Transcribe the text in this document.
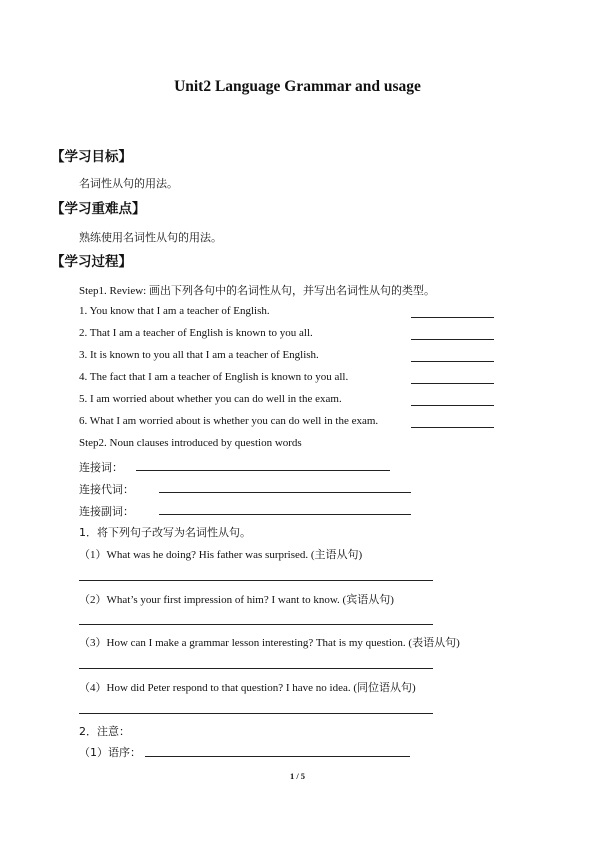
Unit2 Language Grammar and usage
【学习目标】
名词性从句的用法。
【学习重难点】
熟练使用名词性从句的用法。
【学习过程】
Step1. Review: 画出下列各句中的名词性从句，并写出名词性从句的类型。
1. You know that I am a teacher of English.
2. That I am a teacher of English is known to you all.
3. It is known to you all that I am a teacher of English.
4. The fact that I am a teacher of English is known to you all.
5. I am worried about whether you can do well in the exam.
6. What I am worried about is whether you can do well in the exam.
Step2. Noun clauses introduced by question words
连接词：
连接代词：
连接副词：
1．将下列句子改写为名词性从句。
（1）What was he doing? His father was surprised. (主语从句)
（2）What’s your first impression of him? I want to know. (宾语从句)
（3）How can I make a grammar lesson interesting? That is my question. (表语从句)
（4）How did Peter respond to that question? I have no idea. (同位语从句)
2．注意：
（1）语序：
1 / 5
